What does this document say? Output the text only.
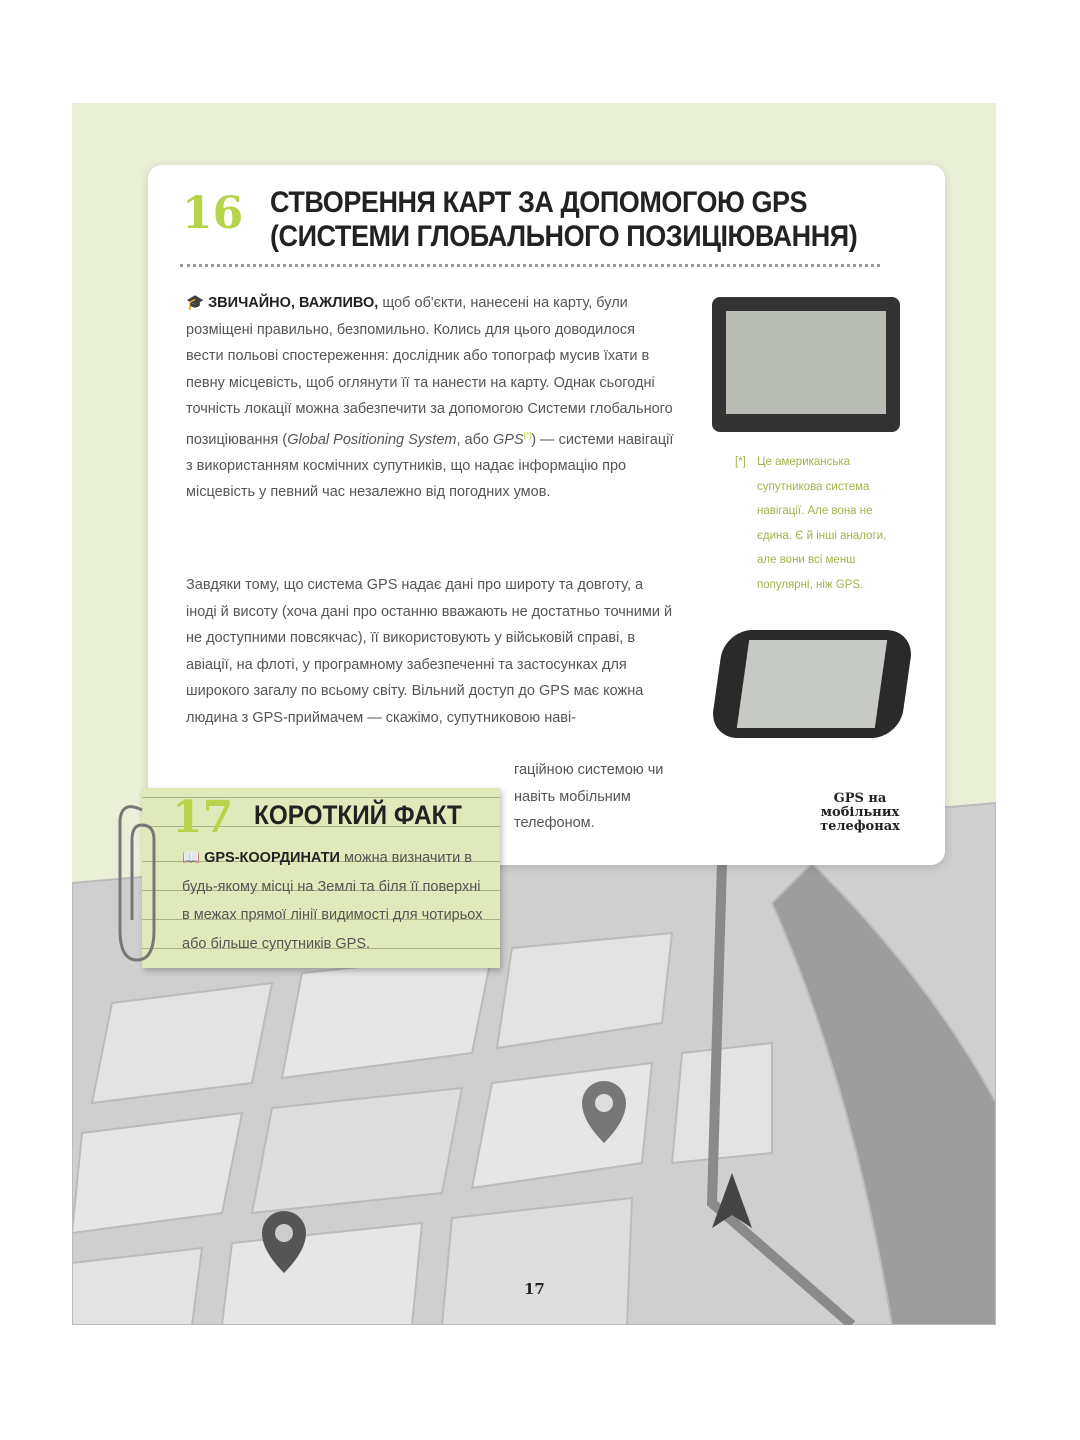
16 СТВОРЕННЯ КАРТ ЗА ДОПОМОГОЮ GPS
(СИСТЕМИ ГЛОБАЛЬНОГО ПОЗИЦІЮВАННЯ)
🎓 ЗВИЧАЙНО, ВАЖЛИВО, щоб об'єкти, нанесені на карту, були розміщені правильно, безпомильно. Колись для цього доводилося вести польові спостереження: дослідник або топограф мусив їхати в певну місцевість, щоб оглянути її та нанести на карту. Однак сьогодні точність локації можна забезпечити за допомогою Системи глобального позиціювання (Global Positioning System, або GPS[*]) — системи навігації з використанням космічних супутників, що надає інформацію про місцевість у певний час незалежно від погодних умов.
Завдяки тому, що система GPS надає дані про широту та довготу, а іноді й висоту (хоча дані про останню вважають не достатньо точними й не доступними повсякчас), її використовують у військовій справі, в авіації, на флоті, у програмному забезпеченні та застосунках для широкого загалу по всьому світу. Вільний доступ до GPS має кожна людина з GPS-приймачем — скажімо, супутниковою наві-
гаційною системою чи навіть мобільним телефоном.
[*] Це американська супутникова система навігації. Але вона не єдина. Є й інші аналоги, але вони всі менш популярні, ніж GPS.
GPS на мобільних телефонах
17 КОРОТКИЙ ФАКТ
📖 GPS-КООРДИНАТИ можна визначити в будь-якому місці на Землі та біля її поверхні в межах прямої лінії видимості для чотирьох або більше супутників GPS.
17
